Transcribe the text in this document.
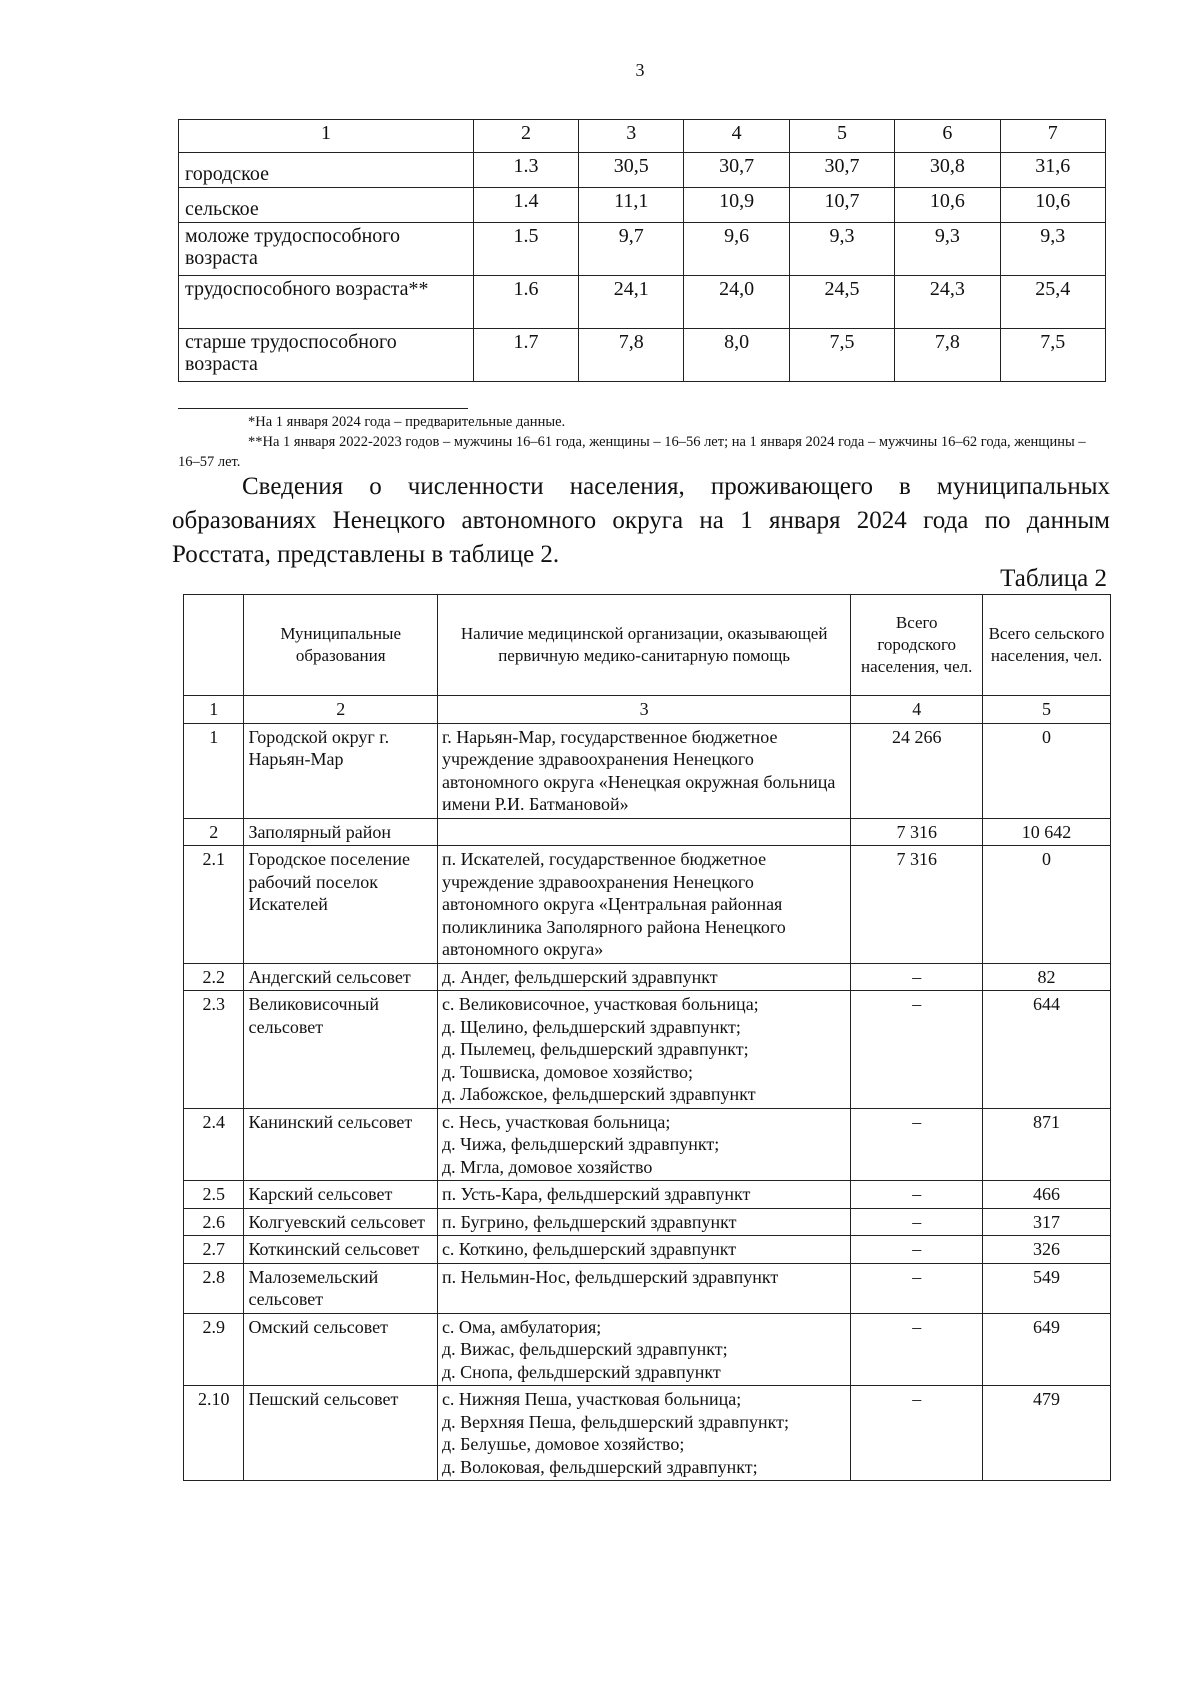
3
1	2	3	4	5	6	7
городское	1.3	30,5	30,7	30,7	30,8	31,6
сельское	1.4	11,1	10,9	10,7	10,6	10,6
моложе трудоспособного возраста	1.5	9,7	9,6	9,3	9,3	9,3
трудоспособного возраста**	1.6	24,1	24,0	24,5	24,3	25,4
старше трудоспособного возраста	1.7	7,8	8,0	7,5	7,8	7,5
*На 1 января 2024 года – предварительные данные.
**На 1 января 2022-2023 годов – мужчины 16–61 года, женщины – 16–56 лет; на 1 января 2024 года – мужчины 16–62 года, женщины – 16–57 лет.
Сведения о численности населения, проживающего в муниципальных образованиях Ненецкого автономного округа на 1 января 2024 года по данным Росстата, представлены в таблице 2.
Таблица 2
	Муниципальные образования	Наличие медицинской организации, оказывающей первичную медико-санитарную помощь	Всего городского населения, чел.	Всего сельского населения, чел.
1	2	3	4	5
1	Городской округ г. Нарьян-Мар	г. Нарьян-Мар, государственное бюджетное учреждение здравоохранения Ненецкого автономного округа «Ненецкая окружная больница имени Р.И. Батмановой»	24 266	0
2	Заполярный район		7 316	10 642
2.1	Городское поселение рабочий поселок Искателей	п. Искателей, государственное бюджетное учреждение здравоохранения Ненецкого автономного округа «Центральная районная поликлиника Заполярного района Ненецкого автономного округа»	7 316	0
2.2	Андегский сельсовет	д. Андег, фельдшерский здравпункт	–	82
2.3	Великовисочный сельсовет	с. Великовисочное, участковая больница;
д. Щелино, фельдшерский здравпункт;
д. Пылемец, фельдшерский здравпункт;
д. Тошвиска, домовое хозяйство;
д. Лабожское, фельдшерский здравпункт	–	644
2.4	Канинский сельсовет	с. Несь, участковая больница;
д. Чижа, фельдшерский здравпункт;
д. Мгла, домовое хозяйство	–	871
2.5	Карский сельсовет	п. Усть-Кара, фельдшерский здравпункт	–	466
2.6	Колгуевский сельсовет	п. Бугрино, фельдшерский здравпункт	–	317
2.7	Коткинский сельсовет	с. Коткино, фельдшерский здравпункт	–	326
2.8	Малоземельский сельсовет	п. Нельмин-Нос, фельдшерский здравпункт	–	549
2.9	Омский сельсовет	с. Ома, амбулатория;
д. Вижас, фельдшерский здравпункт;
д. Снопа, фельдшерский здравпункт	–	649
2.10	Пешский сельсовет	с. Нижняя Пеша, участковая больница;
д. Верхняя Пеша, фельдшерский здравпункт;
д. Белушье, домовое хозяйство;
д. Волоковая, фельдшерский здравпункт;	–	479
